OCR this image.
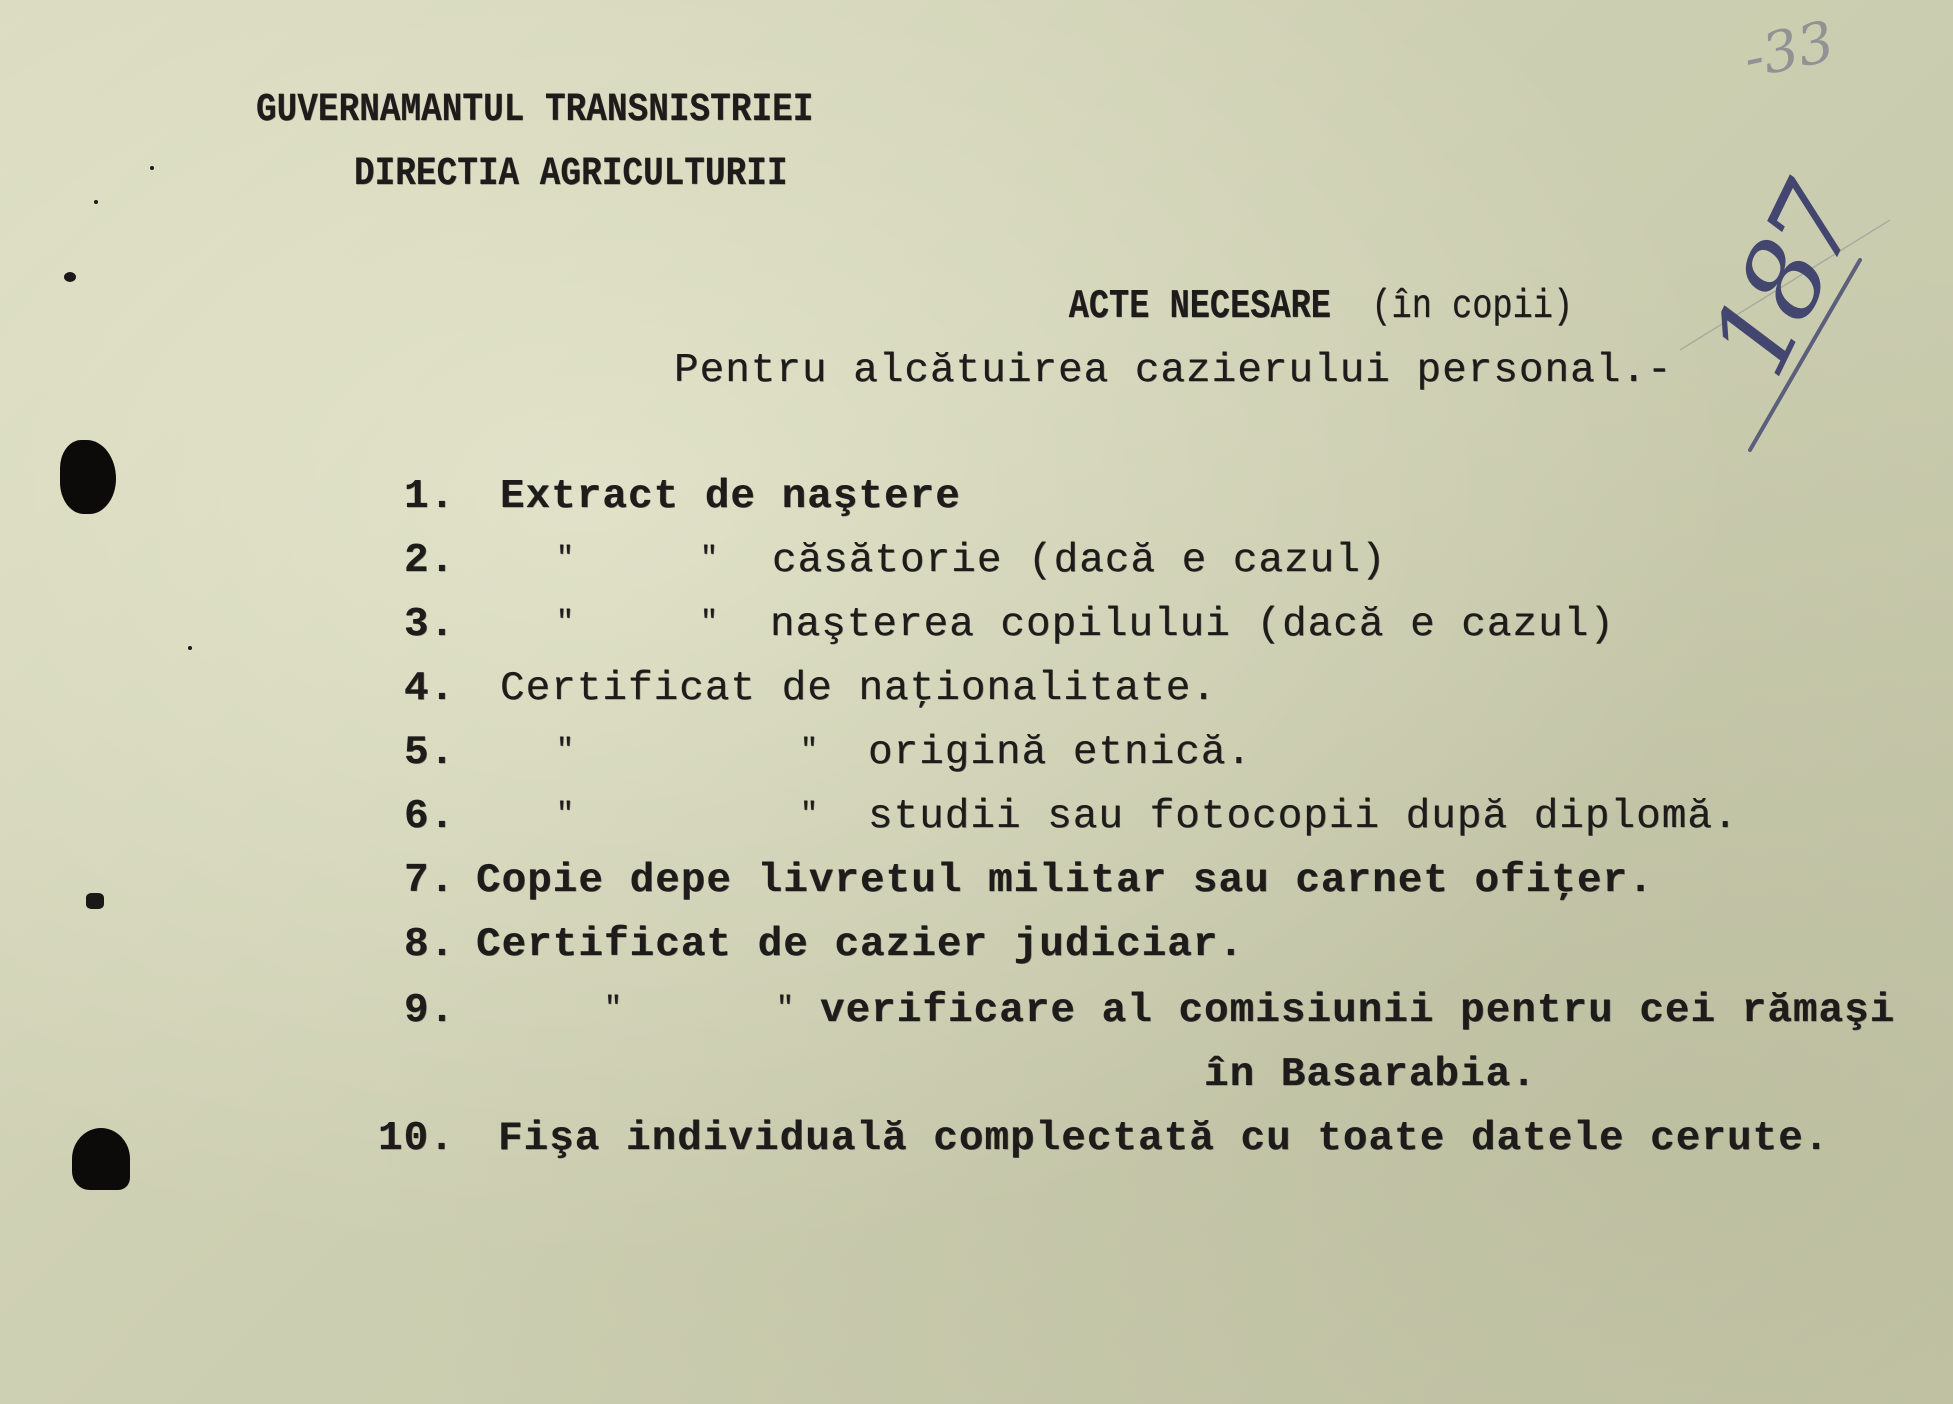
GUVERNAMANTUL TRANSNISTRIEI
DIRECTIA AGRICULTURII

ACTE NECESARE (în copii)

Pentru alcătuirea cazierului personal.-
1. Extract de naştere
2.	"	" căsătorie (dacă e cazul)
3.	"	" naşterea copilului (dacă e cazul)
4. Certificat de naţionalitate.
5.	"	" origină etnică.
6.	"	" studii sau fotocopii după diplomă.
7. Copie depe livretul militar sau carnet ofiţer.
8. Certificat de cazier judiciar.
9.	"	" verificare al comisiunii pentru cei rămaşi
în Basarabia.
10. Fişa individuală complectată cu toate datele cerute.
-33
187
